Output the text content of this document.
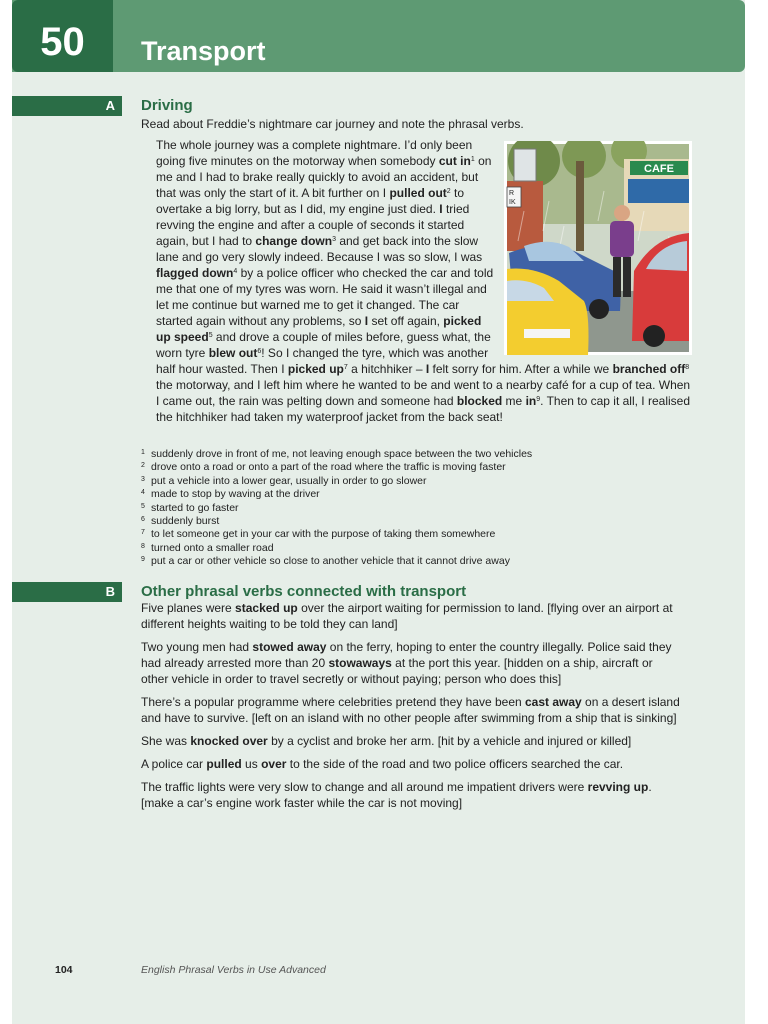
50	Transport
A	Driving
Read about Freddie’s nightmare car journey and note the phrasal verbs.
R
IK
CAFE

The whole journey was a complete nightmare. I’d only been going five minutes on the motorway when somebody cut $in^1$ on me and I had to brake really quickly to avoid an accident, but that was only the start of it. A bit further on I pulled out$^2$ to overtake a big lorry, but as I did, my engine just died. I tried revving the engine and after a couple of seconds it started again, but I had to change down$^3$ and get back into the slow lane and go very slowly indeed. Because I was so slow, I was flagged down$^4$ by a police officer who checked the car and told me that one of my tyres was worn. He said it wasn’t illegal and let me continue but warned me to get it changed. The car started again without any problems, so I set off again, picked up speed$^5$ and drove a couple of miles before, guess what, the worn tyre blew out$^6$! So I changed the tyre, which was another half hour wasted. Then I picked $up^7$ a hitchhiker – I felt sorry for him. After a while we branched off$^8$ the motorway, and I left him where he wanted to be and went to a nearby café for a cup of tea. When I came out, the rain was pelting down and someone had blocked me $in^9$. Then to cap it all, I realised the hitchhiker had taken my waterproof jacket from the back seat!

$^1$ suddenly drove in front of me, not leaving enough space between the two vehicles
$^2$ drove onto a road or onto a part of the road where the traffic is moving faster
$^3$ put a vehicle into a lower gear, usually in order to go slower
$^4$ made to stop by waving at the driver
$^5$ started to go faster
$^6$ suddenly burst
$^7$ to let someone get in your car with the purpose of taking them somewhere
$^8$ turned onto a smaller road
$^9$ put a car or other vehicle so close to another vehicle that it cannot drive away
B	Other phrasal verbs connected with transport

Five planes were stacked up over the airport waiting for permission to land. [flying over an airport at different heights waiting to be told they can land]

Two young men had stowed away on the ferry, hoping to enter the country illegally. Police said they had already arrested more than 20 stowaways at the port this year. [hidden on a ship, aircraft or other vehicle in order to travel secretly or without paying; person who does this]

There’s a popular programme where celebrities pretend they have been cast away on a desert island and have to survive. [left on an island with no other people after swimming from a ship that is sinking]

She was knocked over by a cyclist and broke her arm. [hit by a vehicle and injured or killed]

A police car pulled us over to the side of the road and two police officers searched the car.

The traffic lights were very slow to change and all around me impatient drivers were revving up. [make a car’s engine work faster while the car is not moving]

104	English Phrasal Verbs in Use Advanced
